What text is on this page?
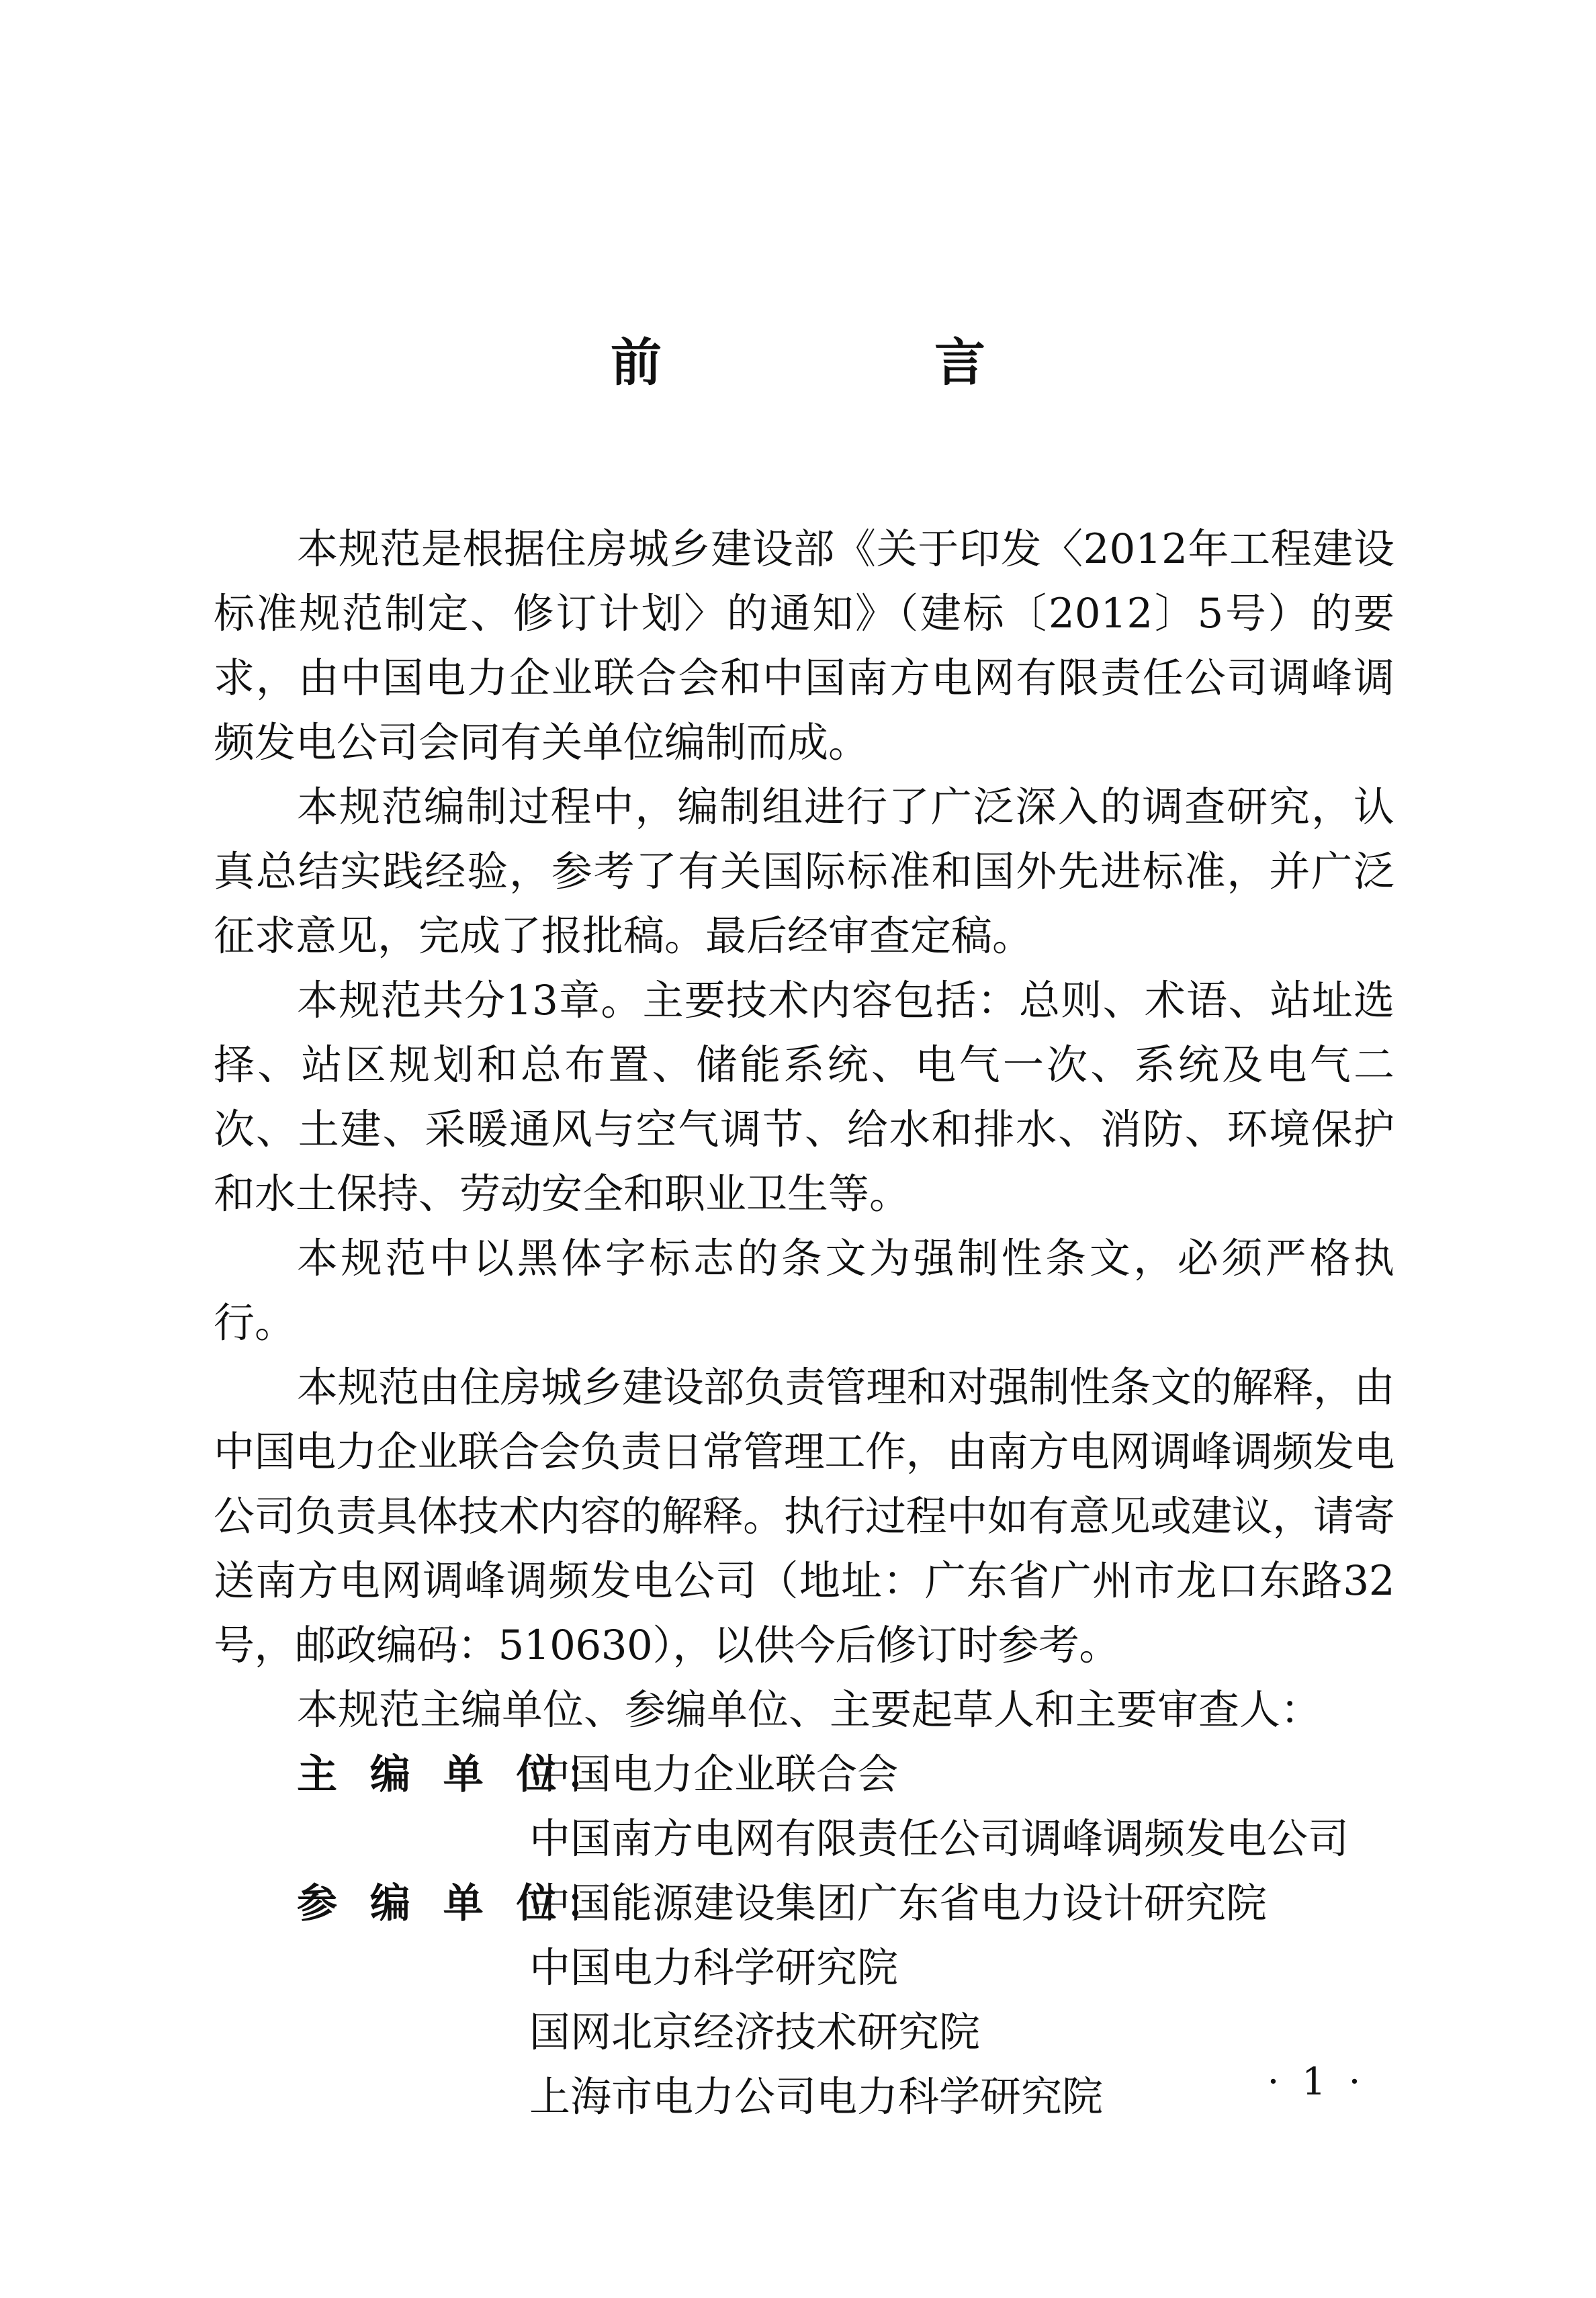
前　言

本规范是根据住房城乡建设部《关于印发〈2012年工程建设标准规范制定、修订计划〉的通知》（建标〔2012〕5号）的要求，由中国电力企业联合会和中国南方电网有限责任公司调峰调频发电公司会同有关单位编制而成。

本规范编制过程中，编制组进行了广泛深入的调查研究，认真总结实践经验，参考了有关国际标准和国外先进标准，并广泛征求意见，完成了报批稿。最后经审查定稿。

本规范共分13章。主要技术内容包括：总则、术语、站址选择、站区规划和总布置、储能系统、电气一次、系统及电气二次、土建、采暖通风与空气调节、给水和排水、消防、环境保护和水土保持、劳动安全和职业卫生等。

本规范中以黑体字标志的条文为强制性条文，必须严格执行。

本规范由住房城乡建设部负责管理和对强制性条文的解释，由中国电力企业联合会负责日常管理工作，由南方电网调峰调频发电公司负责具体技术内容的解释。执行过程中如有意见或建议，请寄送南方电网调峰调频发电公司（地址：广东省广州市龙口东路32号，邮政编码：510630），以供今后修订时参考。

本规范主编单位、参编单位、主要起草人和主要审查人：

主 编 单 位：
中国电力企业联合会
中国南方电网有限责任公司调峰调频发电公司
参 编 单 位：
中国能源建设集团广东省电力设计研究院
中国电力科学研究院
国网北京经济技术研究院
上海市电力公司电力科学研究院	· 1 ·
